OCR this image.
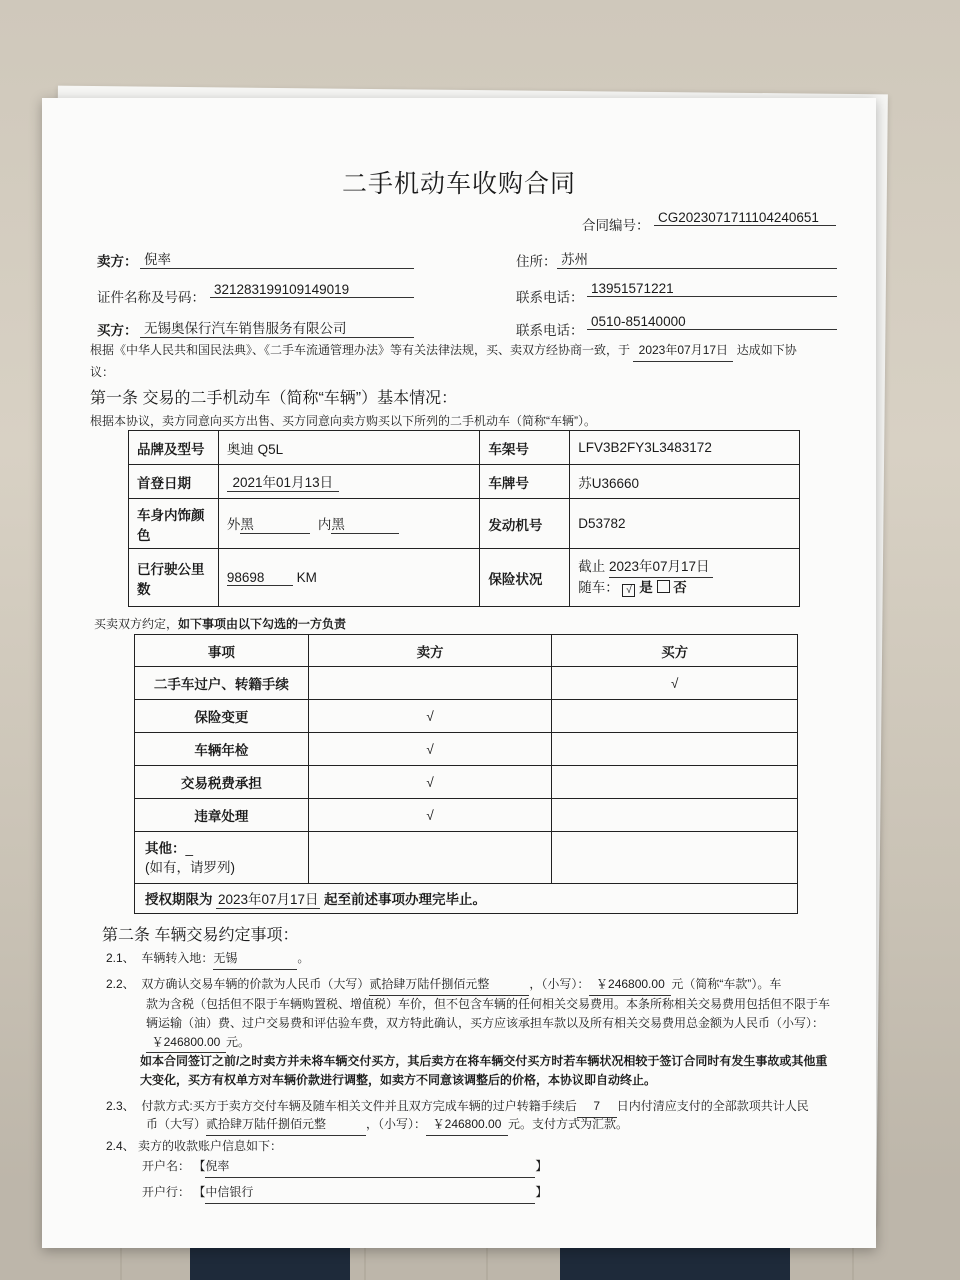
二手机动车收购合同
合同编号：
CG2023071711104240651
卖方： 倪率	住所： 苏州
证件名称及号码：
321283199109149019
联系电话：
13951571221
买方： 无锡奥保行汽车销售服务有限公司	联系电话：
0510-85140000
根据《中华人民共和国民法典》、《二手车流通管理办法》等有关法律法规，买、卖双方经协商一致，于 2023年07月17日 达成如下协
议：
第一条 交易的二手机动车（简称“车辆”）基本情况：
根据本协议，卖方同意向买方出售、买方同意向卖方购买以下所列的二手机动车（简称“车辆”）。
品牌及型号	奥迪 Q5L	车架号	LFV3B2FY3L3483172
首登日期	2021年01月13日	车牌号	苏U36660
车身内饰颜色	外黑 内黑	发动机号	D53782
已行驶公里数	98698 KM	保险状况	截止 2023年07月17日
随车： √ 是 否
买卖双方约定，如下事项由以下勾选的一方负责
事项	卖方	买方
二手车过户、转籍手续		√
保险变更	√	
车辆年检	√	
交易税费承担	√	
违章处理	√	
其他：_
(如有，请罗列)		
授权期限为 2023年07月17日 起至前述事项办理完毕止。		
第二条 车辆交易约定事项：
2.1、 车辆转入地：无锡	。
2.2、 双方确认交易车辆的价款为人民币（大写）贰拾肆万陆仟捌佰元整	，（小写）： ￥246800.00 元（简称“车款”）。车
款为含税（包括但不限于车辆购置税、增值税）车价，但不包含车辆的任何相关交易费用。本条所称相关交易费用包括但不限于车
辆运输（油）费、过户交易费和评估验车费，双方特此确认，买方应该承担车款以及所有相关交易费用总金额为人民币（小写）：
￥246800.00 元。
如本合同签订之前/之时卖方并未将车辆交付买方，其后卖方在将车辆交付买方时若车辆状况相较于签订合同时有发生事故或其他重
大变化，买方有权单方对车辆价款进行调整，如卖方不同意该调整后的价格，本协议即自动终止。
2.3、 付款方式:买方于卖方交付车辆及随车相关文件并且双方完成车辆的过户转籍手续后 7 日内付清应支付的全部款项共计人民
币（大写）贰拾肆万陆仟捌佰元整	，（小写）： ￥246800.00 元。支付方式为汇款。
2.4、 卖方的收款账户信息如下：
开户名： 【倪率	】
开户行： 【中信银行	】
